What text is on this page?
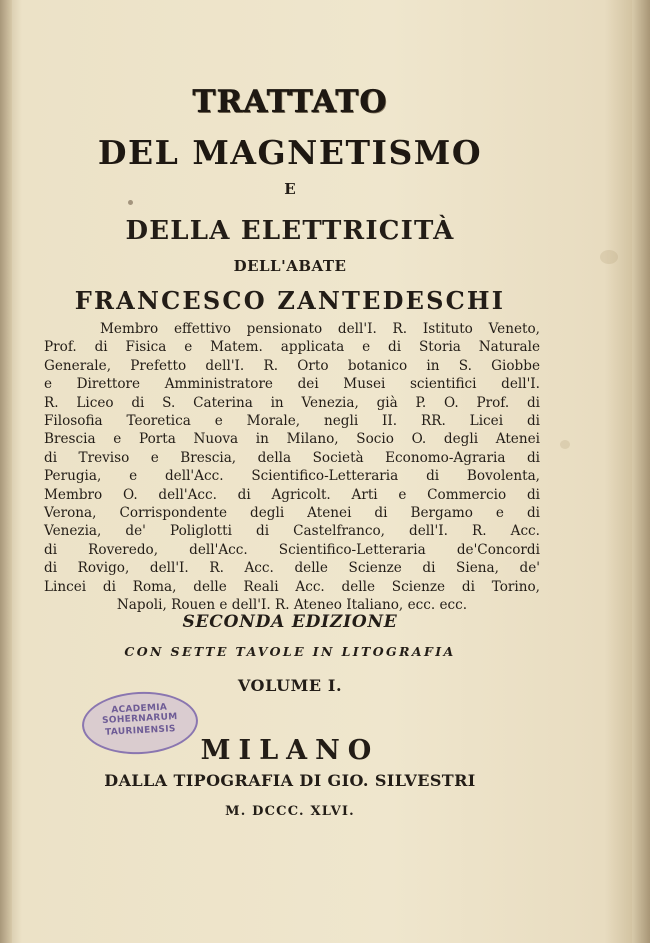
TRATTATO
DEL MAGNETISMO
E
DELLA ELETTRICITÀ
DELL'ABATE
FRANCESCO ZANTEDESCHI
Membro effettivo pensionato dell'I. R. Istituto Veneto,
Prof. di Fisica e Matem. applicata e di Storia Naturale
Generale, Prefetto dell'I. R. Orto botanico in S. Giobbe
e Direttore Amministratore dei Musei scientifici dell'I.
R. Liceo di S. Caterina in Venezia, già P. O. Prof. di
Filosofia Teoretica e Morale, negli II. RR. Licei di
Brescia e Porta Nuova in Milano, Socio O. degli Atenei
di Treviso e Brescia, della Società Economo-Agraria di
Perugia, e dell'Acc. Scientifico-Letteraria di Bovolenta,
Membro O. dell'Acc. di Agricolt. Arti e Commercio di
Verona, Corrispondente degli Atenei di Bergamo e di
Venezia, de' Poliglotti di Castelfranco, dell'I. R. Acc.
di Roveredo, dell'Acc. Scientifico-Letteraria de'Concordi
di Rovigo, dell'I. R. Acc. delle Scienze di Siena, de'
Lincei di Roma, delle Reali Acc. delle Scienze di Torino,
Napoli, Rouen e dell'I. R. Ateneo Italiano, ecc. ecc.
SECONDA EDIZIONE
CON SETTE TAVOLE IN LITOGRAFIA
VOLUME I.
MILANO
DALLA TIPOGRAFIA DI GIO. SILVESTRI
M. DCCC. XLVI.
ACADEMIA
SOHERNARUM
TAURINENSIS
